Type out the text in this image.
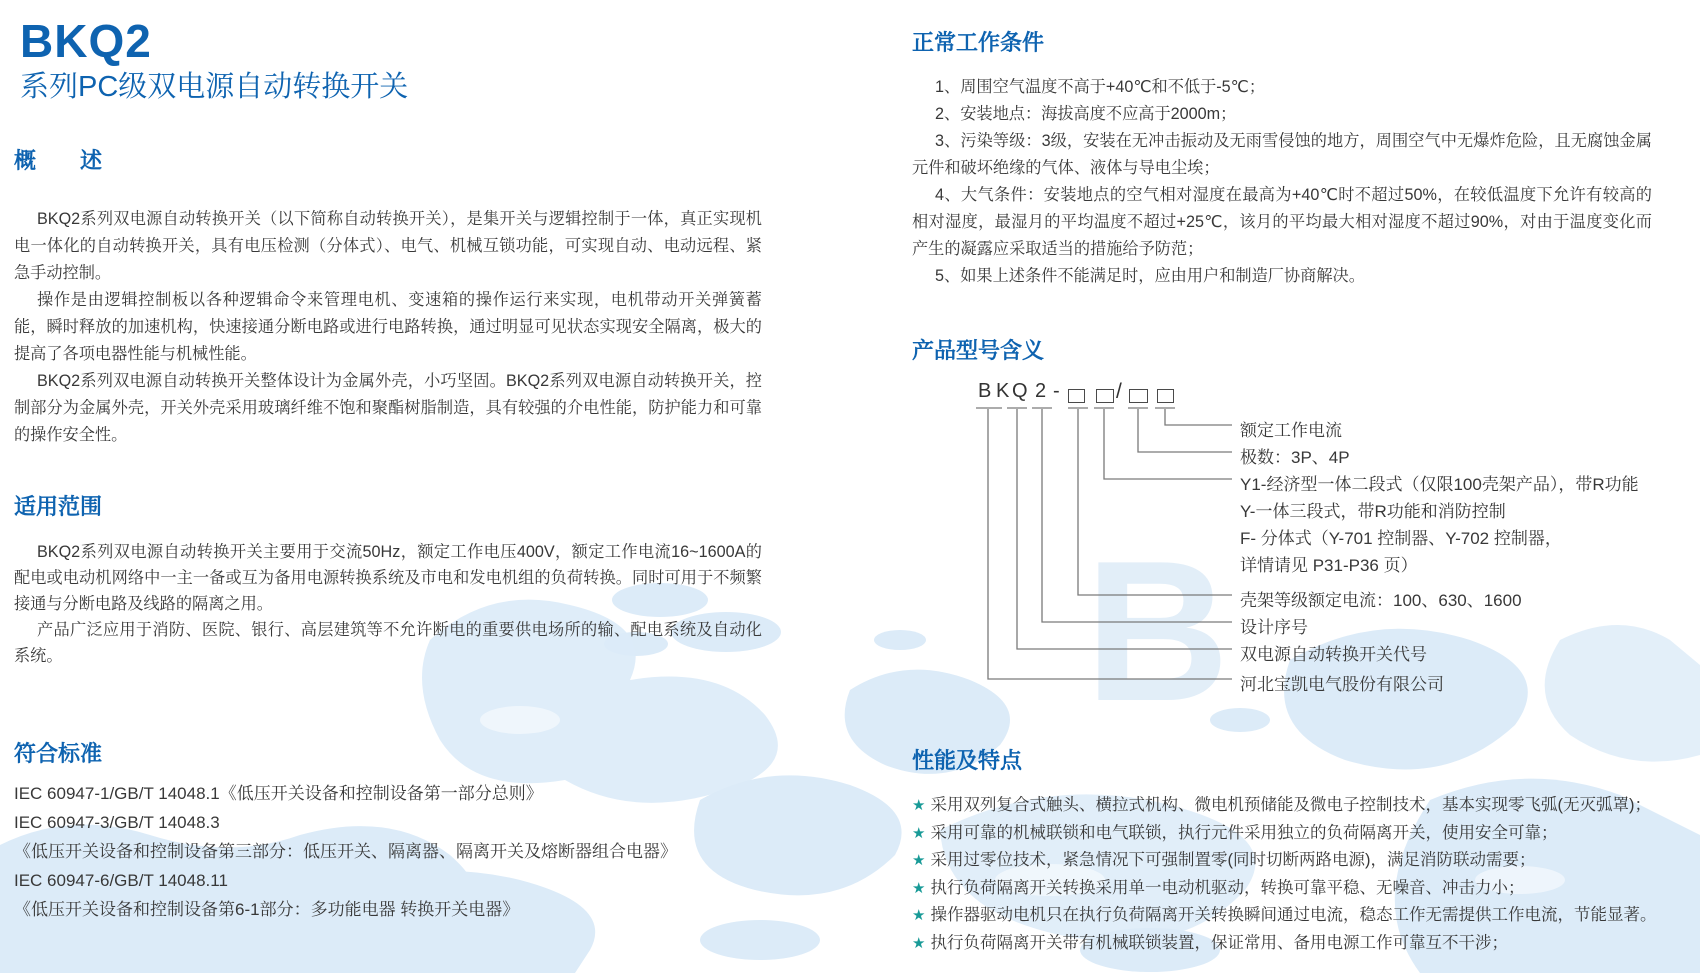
B
BKQ2
系列PC级双电源自动转换开关
概　　述

BKQ2系列双电源自动转换开关（以下简称自动转换开关），是集开关与逻辑控制于一体，真正实现机电一体化的自动转换开关，具有电压检测（分体式）、电气、机械互锁功能，可实现自动、电动远程、紧急手动控制。

操作是由逻辑控制板以各种逻辑命令来管理电机、变速箱的操作运行来实现，电机带动开关弹簧蓄能，瞬时释放的加速机构，快速接通分断电路或进行电路转换，通过明显可见状态实现安全隔离，极大的提高了各项电器性能与机械性能。

BKQ2系列双电源自动转换开关整体设计为金属外壳，小巧坚固。BKQ2系列双电源自动转换开关，控制部分为金属外壳，开关外壳采用玻璃纤维不饱和聚酯树脂制造，具有较强的介电性能，防护能力和可靠的操作安全性。

适用范围

BKQ2系列双电源自动转换开关主要用于交流50Hz，额定工作电压400V，额定工作电流16~1600A的配电或电动机网络中一主一备或互为备用电源转换系统及市电和发电机组的负荷转换。同时可用于不频繁接通与分断电路及线路的隔离之用。

产品广泛应用于消防、医院、银行、高层建筑等不允许断电的重要供电场所的输、配电系统及自动化系统。

符合标准
IEC 60947-1/GB/T 14048.1《低压开关设备和控制设备第一部分总则》
IEC 60947-3/GB/T 14048.3
《低压开关设备和控制设备第三部分：低压开关、隔离器、隔离开关及熔断器组合电器》
IEC 60947-6/GB/T 14048.11
《低压开关设备和控制设备第6-1部分：多功能电器 转换开关电器》
正常工作条件
1、周围空气温度不高于+40℃和不低于-5℃；
2、安装地点：海拔高度不应高于2000m；
3、污染等级：3级，安装在无冲击振动及无雨雪侵蚀的地方，周围空气中无爆炸危险，且无腐蚀金属元件和破坏绝缘的气体、液体与导电尘埃；
4、大气条件：安装地点的空气相对湿度在最高为+40℃时不超过50%，在较低温度下允许有较高的相对湿度，最湿月的平均温度不超过+25℃，该月的平均最大相对湿度不超过90%，对由于温度变化而产生的凝露应采取适当的措施给予防范；
5、如果上述条件不能满足时，应由用户和制造厂协商解决。
产品型号含义
B K Q 2 -	/
额定工作电流
极数：3P、4P
Y1-经济型一体二段式（仅限100壳架产品），带R功能
Y-一体三段式，带R功能和消防控制
F- 分体式（Y-701 控制器、Y-702 控制器，
详情请见 P31-P36 页）
壳架等级额定电流：100、630、1600
设计序号
双电源自动转换开关代号
河北宝凯电气股份有限公司
性能及特点
★ 采用双列复合式触头、横拉式机构、微电机预储能及微电子控制技术，基本实现零飞弧(无灭弧罩)；
★ 采用可靠的机械联锁和电气联锁，执行元件采用独立的负荷隔离开关，使用安全可靠；
★ 采用过零位技术，紧急情况下可强制置零(同时切断两路电源)，满足消防联动需要；
★ 执行负荷隔离开关转换采用单一电动机驱动，转换可靠平稳、无噪音、冲击力小；
★ 操作器驱动电机只在执行负荷隔离开关转换瞬间通过电流，稳态工作无需提供工作电流，节能显著。
★ 执行负荷隔离开关带有机械联锁装置，保证常用、备用电源工作可靠互不干涉；
